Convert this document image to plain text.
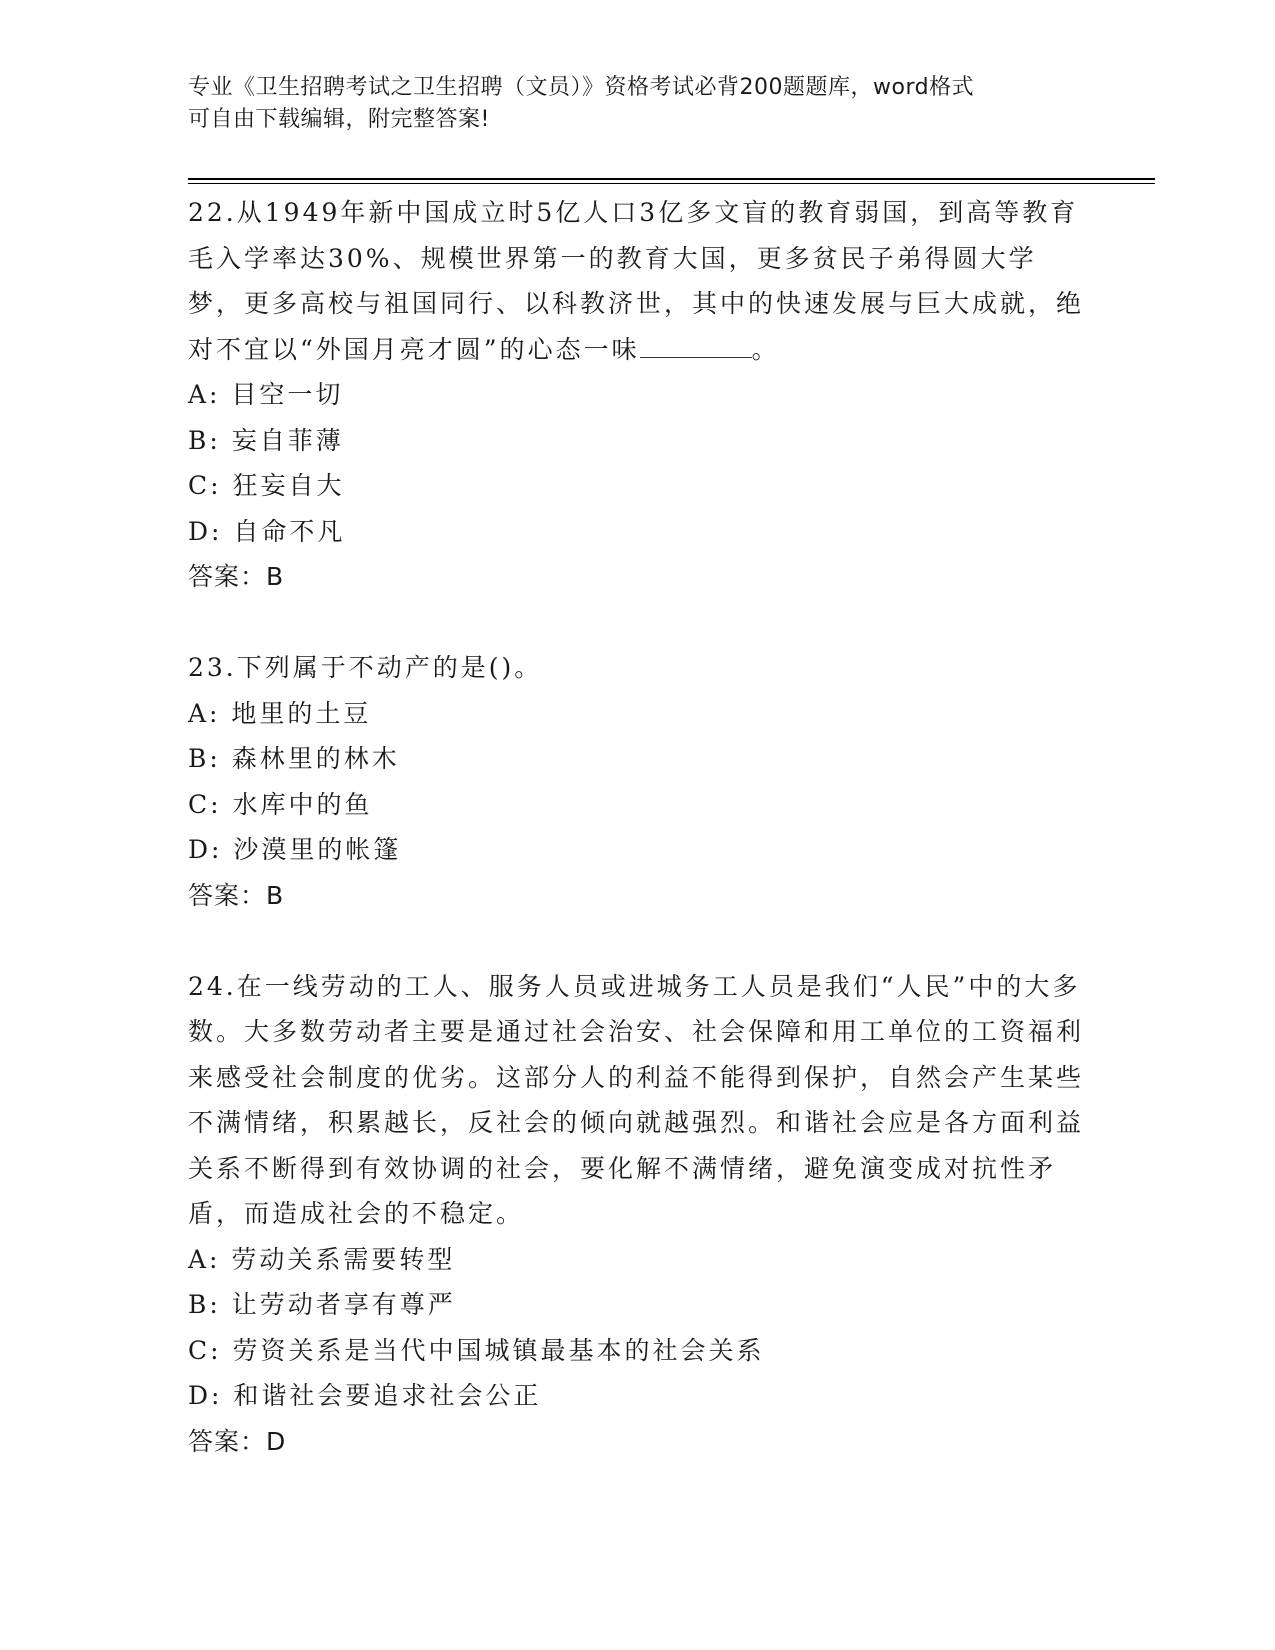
专业《卫生招聘考试之卫生招聘（文员）》资格考试必背200题题库，word格式
可自由下载编辑，附完整答案!
22.从1949年新中国成立时5亿人口3亿多文盲的教育弱国，到高等教育毛入学率达30%、规模世界第一的教育大国，更多贫民子弟得圆大学梦，更多高校与祖国同行、以科教济世，其中的快速发展与巨大成就，绝对不宜以“外国月亮才圆”的心态一味	。
A: 目空一切
B: 妄自菲薄
C: 狂妄自大
D: 自命不凡
答案：B
23.下列属于不动产的是()。
A: 地里的土豆
B: 森林里的林木
C: 水库中的鱼
D: 沙漠里的帐篷
答案：B
24.在一线劳动的工人、服务人员或进城务工人员是我们“人民”中的大多数。大多数劳动者主要是通过社会治安、社会保障和用工单位的工资福利来感受社会制度的优劣。这部分人的利益不能得到保护，自然会产生某些不满情绪，积累越长，反社会的倾向就越强烈。和谐社会应是各方面利益关系不断得到有效协调的社会，要化解不满情绪，避免演变成对抗性矛盾，而造成社会的不稳定。
A: 劳动关系需要转型
B: 让劳动者享有尊严
C: 劳资关系是当代中国城镇最基本的社会关系
D: 和谐社会要追求社会公正
答案：D
